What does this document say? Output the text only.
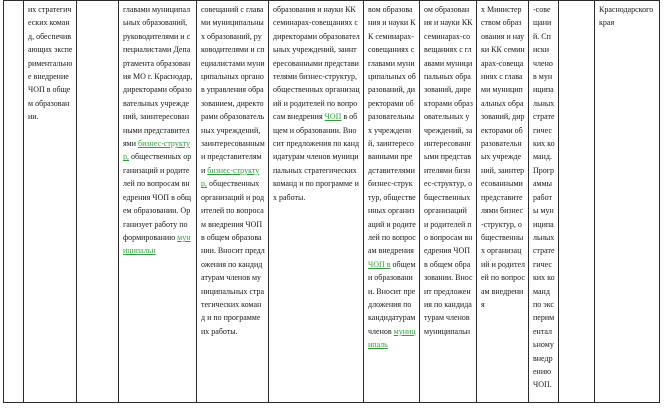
их стратегических команд, обеспечивающих экспериментальное внедрение ЧОП в общем образовании.
главами муниципальных образований, руководителями и специалистами Департамента образования МО г. Краснодар, директорами образовательных учреждений, заинтересованными представителями бизнес-структур, общественных организаций и родителей по вопросам внедрения ЧОП в общем образовании. Организует работу по формированию муниципальн
совещаний с главами муниципальных образований, руководителями и специалистами муниципальных органов управления образованием, директорами образовательных учреждений, заинтересованными представителями бизнес-структур, общественных организаций и родителей по вопросам внедрения ЧОП в общем образовании. Вносит предложения по кандидатурам членов муниципальных стратегических команд и по программе их работы.
образования и науки КК семинарах-совещаниях с директорами образовательных учреждений, заинтересованными представителями бизнес-структур, общественных организаций и родителей по вопросам внедрения ЧОП в общем и образовании. Вносит предложения по кандидатурам членов муниципальных стратегических команд и по программе их работы.
вом образования и науки КК семинарах-совещаниях с главами муниципальных образований, директорами образовательных учреждений, заинтересованными представителями бизнес-структур, общественных организаций и родителей по вопросам внедрения ЧОП в общем и образовании. Вносит предложения по кандидатурам членов муниципаль
ом образования и науки КК семинарах-совещаниях с главами муниципальных образований, директорами образовательных учреждений, заинтересованными представителями бизнес-структур, общественных организаций и родителей по вопросам внедрения ЧОП в общем образовании. Вносит предложения по кандидатурам членов муниципальн
х Министерством образования и науки КК семинарах-совещаниях с главами муниципальных образований, директорами образовательных учреждений, заинтересованными представителями бизнес-структур, общественных организаций и родителей по вопросам внедрения
-совещаний. Списки членов муниципальных стратегических команд. Программы работы муниципальных стратегических команд по экспериментальному внедрению ЧОП.
Краснодарского края
